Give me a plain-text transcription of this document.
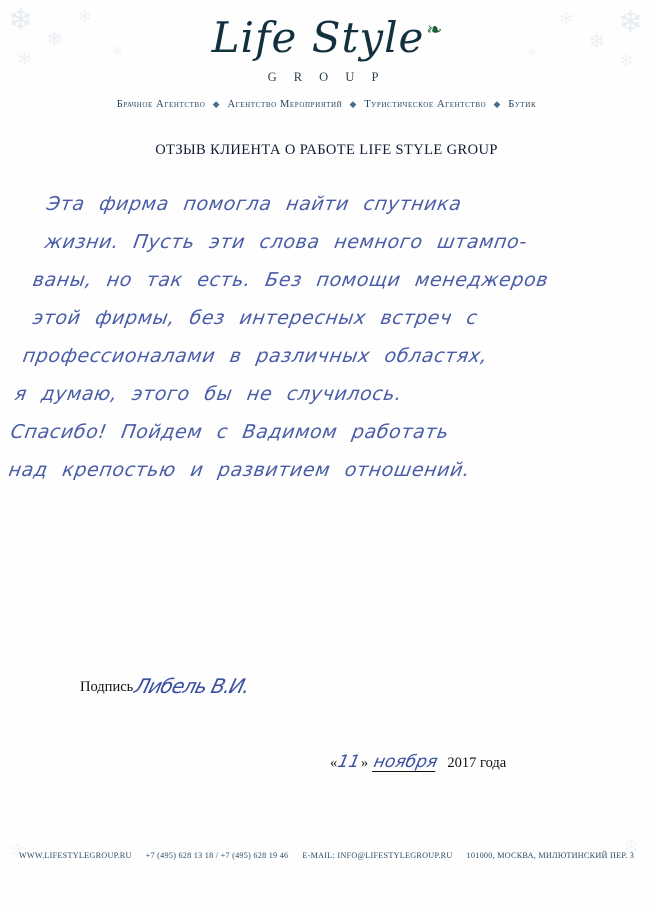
❄
❄
✻
✻
❄
❄
❄
✻
✻
❄
✻	✻
Life Style ❧
G R O U P
Брачное Агентство ◆ Агентство Мероприятий ◆ Туристическое Агентство ◆ Бутик
ОТЗЫВ КЛИЕНТА О РАБОТЕ LIFE STYLE GROUP
Эта фирма помогла найти спутника
жизни. Пусть эти слова немного штампо-
ваны, но так есть. Без помощи менеджеров
этой фирмы, без интересных встреч с
профессионалами в различных областях,
я думаю, этого бы не случилось.
Спасибо! Пойдем с Вадимом работать
над крепостью и развитием отношений.
Подпись Либель В.И.
«
11
» ноября 2017 года
WWW.LIFESTYLEGROUP.RU +7 (495) 628 13 18 / +7 (495) 628 19 46 E-MAIL: INFO@LIFESTYLEGROUP.RU 101000, МОСКВА, МИЛЮТИНСКИЙ ПЕР. 3
